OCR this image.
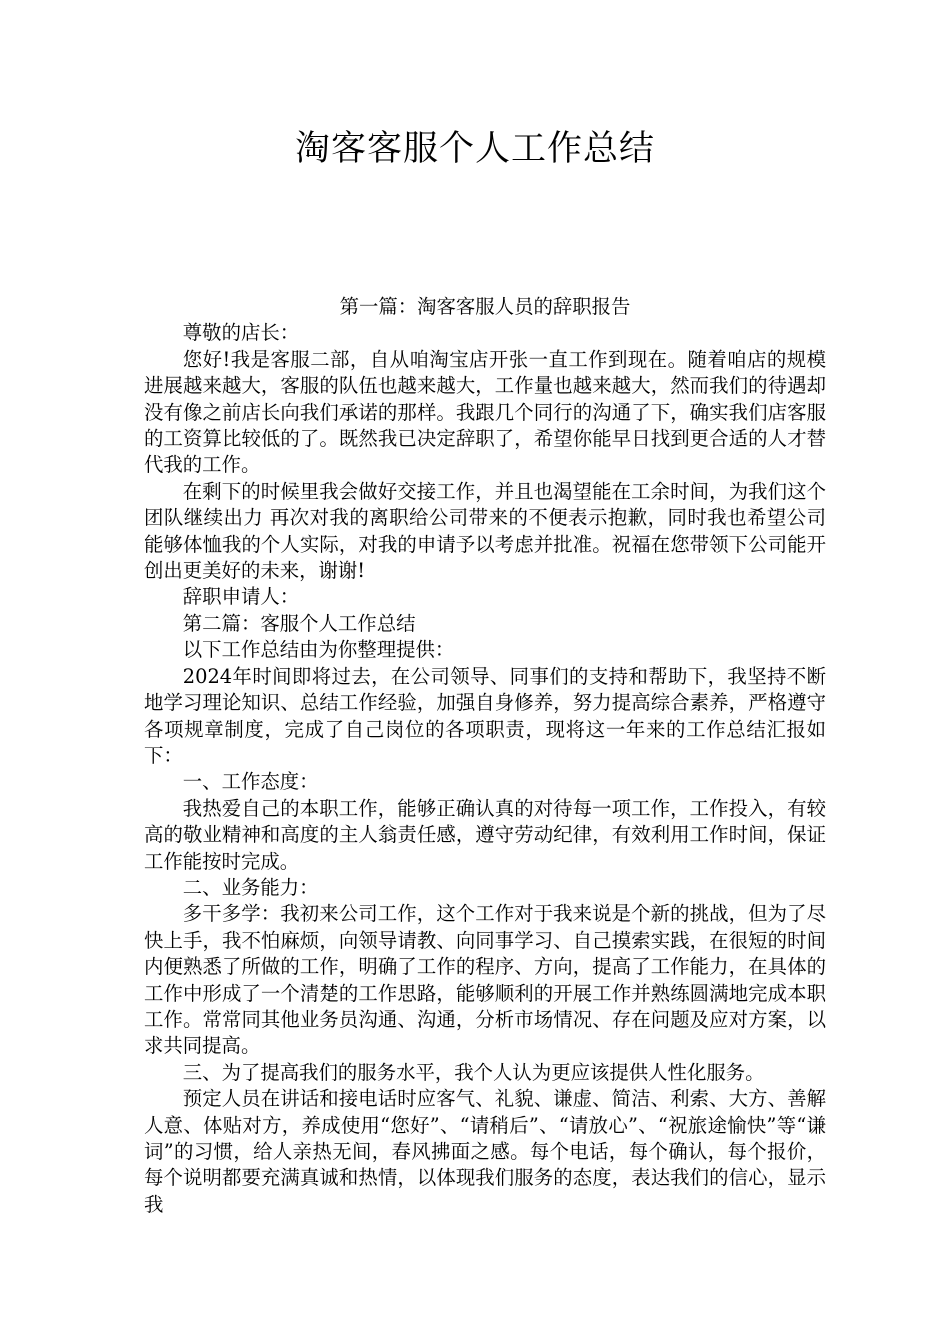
淘客客服个人工作总结

第一篇：淘客客服人员的辞职报告

尊敬的店长：

您好!我是客服二部，自从咱淘宝店开张一直工作到现在。随着咱店的规模进展越来越大，客服的队伍也越来越大，工作量也越来越大，然而我们的待遇却没有像之前店长向我们承诺的那样。我跟几个同行的沟通了下，确实我们店客服的工资算比较低的了。既然我已决定辞职了，希望你能早日找到更合适的人才替代我的工作。

在剩下的时候里我会做好交接工作，并且也渴望能在工余时间，为我们这个团队继续出力 再次对我的离职给公司带来的不便表示抱歉，同时我也希望公司能够体恤我的个人实际，对我的申请予以考虑并批准。祝福在您带领下公司能开创出更美好的未来，谢谢!

辞职申请人：

第二篇：客服个人工作总结

以下工作总结由为你整理提供：

2024年时间即将过去，在公司领导、同事们的支持和帮助下，我坚持不断地学习理论知识、总结工作经验，加强自身修养，努力提高综合素养，严格遵守各项规章制度，完成了自己岗位的各项职责，现将这一年来的工作总结汇报如下：

一、工作态度：

我热爱自己的本职工作，能够正确认真的对待每一项工作，工作投入，有较高的敬业精神和高度的主人翁责任感，遵守劳动纪律，有效利用工作时间，保证工作能按时完成。

二、业务能力：

多干多学：我初来公司工作，这个工作对于我来说是个新的挑战，但为了尽快上手，我不怕麻烦，向领导请教、向同事学习、自己摸索实践，在很短的时间内便熟悉了所做的工作，明确了工作的程序、方向，提高了工作能力，在具体的工作中形成了一个清楚的工作思路，能够顺利的开展工作并熟练圆满地完成本职工作。常常同其他业务员沟通、沟通，分析市场情况、存在问题及应对方案，以求共同提高。

三、为了提高我们的服务水平，我个人认为更应该提供人性化服务。

预定人员在讲话和接电话时应客气、礼貌、谦虚、简洁、利索、大方、善解人意、体贴对方，养成使用“您好”、“请稍后”、“请放心”、“祝旅途愉快”等“谦词”的习惯，给人亲热无间，春风拂面之感。每个电话，每个确认，每个报价，每个说明都要充满真诚和热情，以体现我们服务的态度，表达我们的信心，显示我
